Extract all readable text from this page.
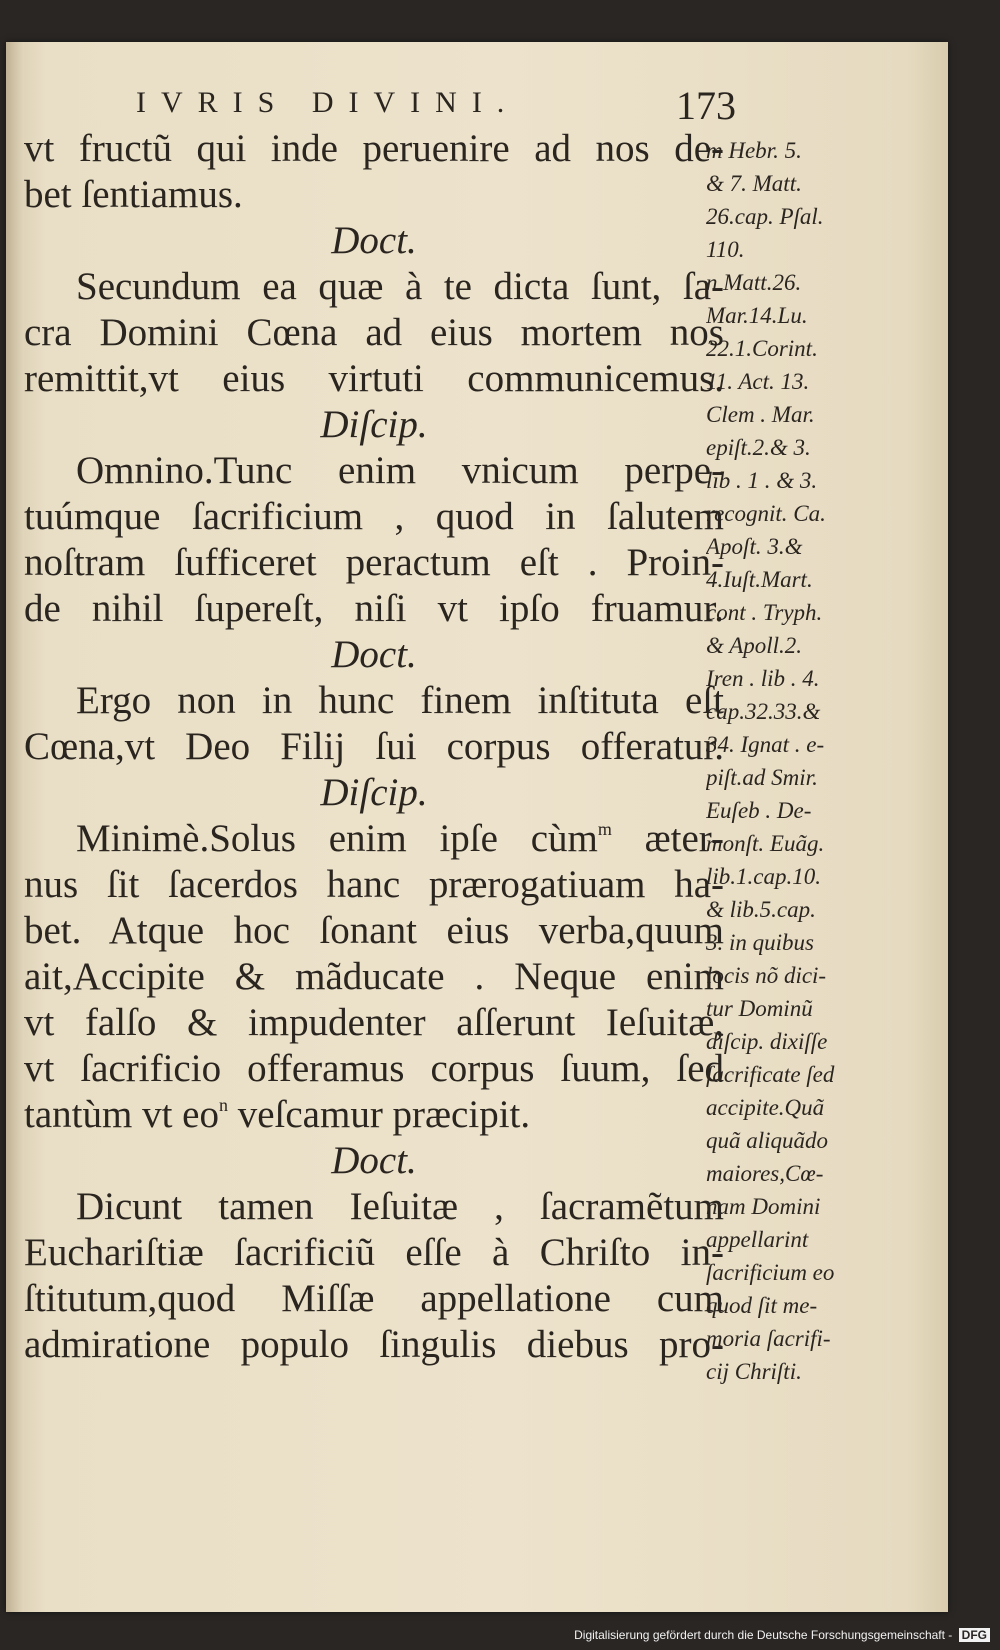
IVRIS DIVINI.	173
vt fructũ qui inde peruenire ad nos de-
bet ſentiamus.
Doct.
Secundum ea quæ à te dicta ſunt, ſa-
cra Domini Cœna ad eius mortem nos
remittit,vt eius virtuti communicemus.
Diſcip.
Omnino.Tunc enim vnicum perpe-
tuúmque ſacrificium , quod in ſalutem
noſtram ſufficeret peractum eſt . Proin-
de nihil ſupereſt, niſi vt ipſo fruamur.
Doct.
Ergo non in hunc finem inſtituta eſt
Cœna,vt Deo Filij ſui corpus offeratur.
Diſcip.
Minimè.Solus enim ipſe cùm$^m$ æter-
nus ſit ſacerdos hanc prærogatiuam ha-
bet. Atque hoc ſonant eius verba,quum
ait,Accipite & mãducate . Neque enim
vt falſo & impudenter aſſerunt Ieſuitæ,
vt ſacrificio offeramus corpus ſuum, ſed
tantùm vt $eo^n$ veſcamur præcipit.
Doct.
Dicunt tamen Ieſuitæ , ſacramẽtum
Euchariſtiæ ſacrificiũ eſſe à Chriſto in-
ſtitutum,quod Miſſæ appellatione cum
admiratione populo ſingulis diebus pro-
m Hebr. 5.
& 7. Matt.
26.cap. Pſal.
110.
n Matt.26.
Mar.14.Lu.
22.1.Corint.
11. Act. 13.
Clem . Mar.
epiſt.2.& 3.
lib . 1 . & 3.
recognit. Ca.
Apoſt. 3.&
4.Iuſt.Mart.
cont . Tryph.
& Apoll.2.
Iren . lib . 4.
cap.32.33.&
34. Ignat . e-
piſt.ad Smir.
Euſeb . De-
monſt. Euãg.
lib.1.cap.10.
& lib.5.cap.
3. in quibus
locis nõ dici-
tur Dominũ
diſcip. dixiſſe
ſacrificate ſed
accipite.Quã
quã aliquãdo
maiores,Cœ-
nam Domini
appellarint
ſacrificium eo
quod ſit me-
moria ſacrifi-
cij Chriſti.
Digitalisierung gefördert durch die Deutsche Forschungsgemeinschaft - DFG
